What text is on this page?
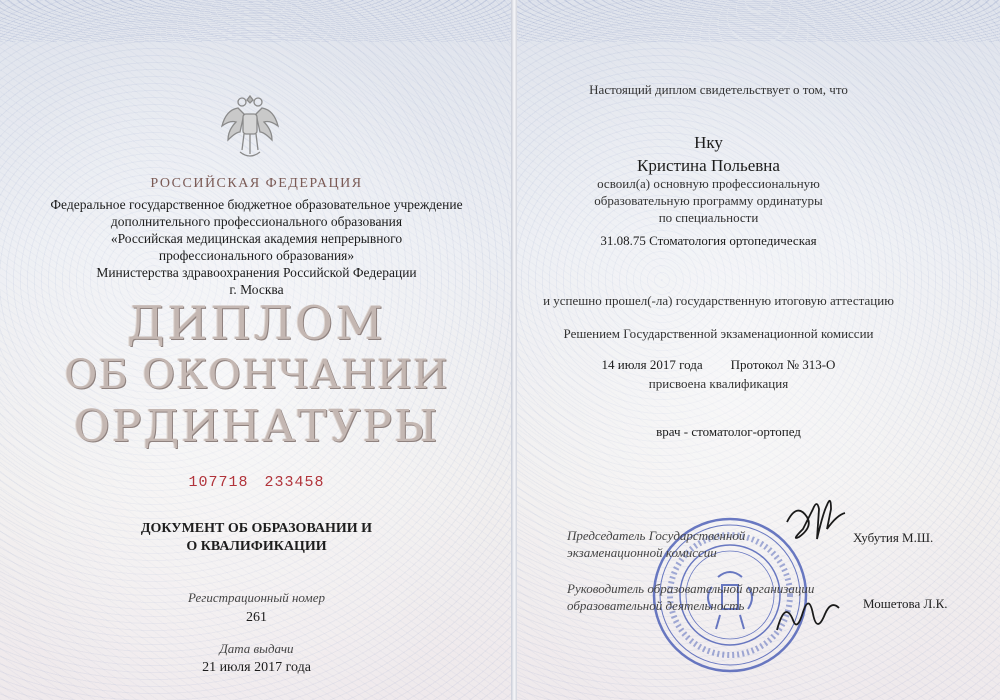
РОССИЙСКАЯ ФЕДЕРАЦИЯ
Федеральное государственное бюджетное образовательное учреждение
дополнительного профессионального образования
«Российская медицинская академия непрерывного
профессионального образования»
Министерства здравоохранения Российской Федерации
г. Москва
ДИПЛОМ
ОБ ОКОНЧАНИИ
ОРДИНАТУРЫ
107718 233458
ДОКУМЕНТ ОБ ОБРАЗОВАНИИ И
О КВАЛИФИКАЦИИ
Регистрационный номер
261
Дата выдачи
21 июля 2017 года
Настоящий диплом свидетельствует о том, что
Нку
Кристина Польевна
освоил(а) основную профессиональную
образовательную программу ординатуры
по специальности
31.08.75 Стоматология ортопедическая
и успешно прошел(-ла) государственную итоговую аттестацию
Решением Государственной экзаменационной комиссии
14 июля 2017 года Протокол № 313-О
присвоена квалификация
врач - стоматолог-ортопед
Председатель Государственной
экзаменационной комиссии
Хубутия М.Ш.
Руководитель образовательной организации
образовательной деятельность	Мошетова Л.К.
